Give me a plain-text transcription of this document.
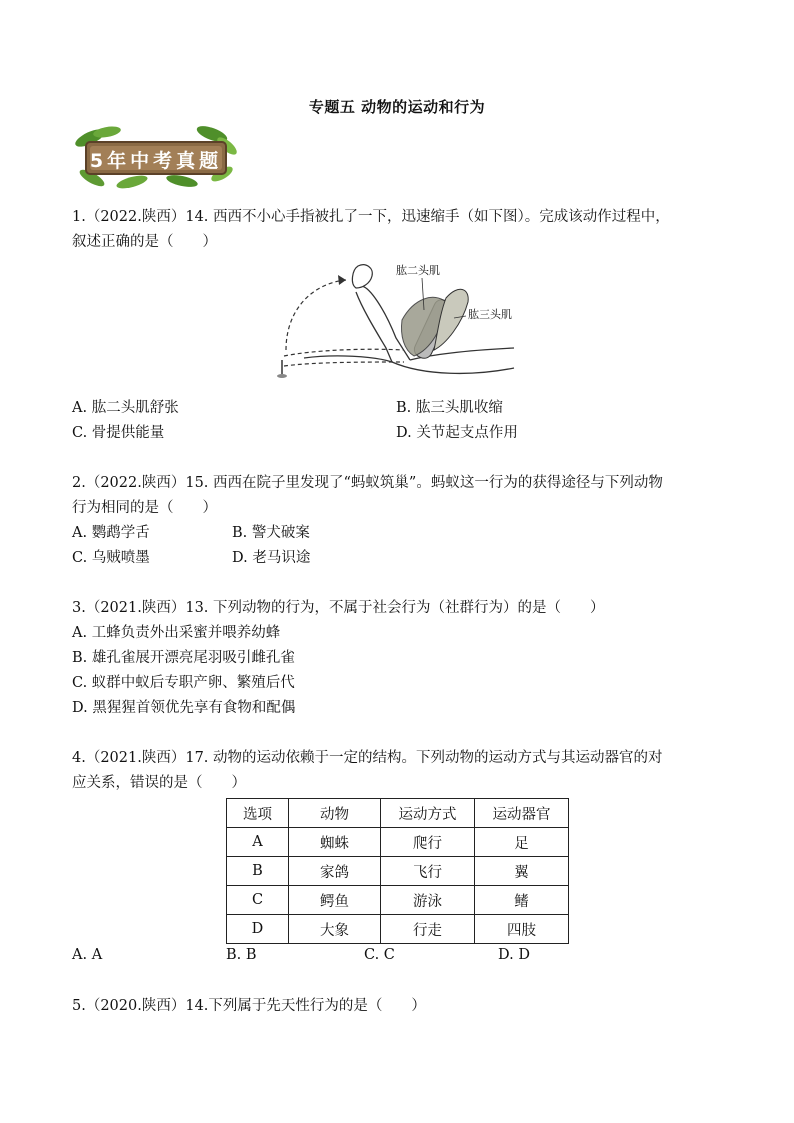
专题五 动物的运动和行为
5年中考真题
1.（2022.陕西）14. 西西不小心手指被扎了一下，迅速缩手（如下图）。完成该动作过程中，
叙述正确的是（　　）
肱二头肌
肱三头肌
A. 肱二头肌舒张	B. 肱三头肌收缩
C. 骨提供能量	D. 关节起支点作用
2.（2022.陕西）15. 西西在院子里发现了“蚂蚁筑巢”。蚂蚁这一行为的获得途径与下列动物
行为相同的是（　　）
A. 鹦鹉学舌	B. 警犬破案
C. 乌贼喷墨	D. 老马识途
3.（2021.陕西）13. 下列动物的行为，不属于社会行为（社群行为）的是（　　）
A. 工蜂负责外出采蜜并喂养幼蜂
B. 雄孔雀展开漂亮尾羽吸引雌孔雀
C. 蚁群中蚁后专职产卵、繁殖后代
D. 黑猩猩首领优先享有食物和配偶
4.（2021.陕西）17. 动物的运动依赖于一定的结构。下列动物的运动方式与其运动器官的对
应关系，错误的是（　　）
选项	动物	运动方式	运动器官
A	蜘蛛	爬行	足
B	家鸽	飞行	翼
C	鳄鱼	游泳	鳍
D	大象	行走	四肢
A. A	B. B	C. C	D. D
5.（2020.陕西）14.下列属于先天性行为的是（　　）
